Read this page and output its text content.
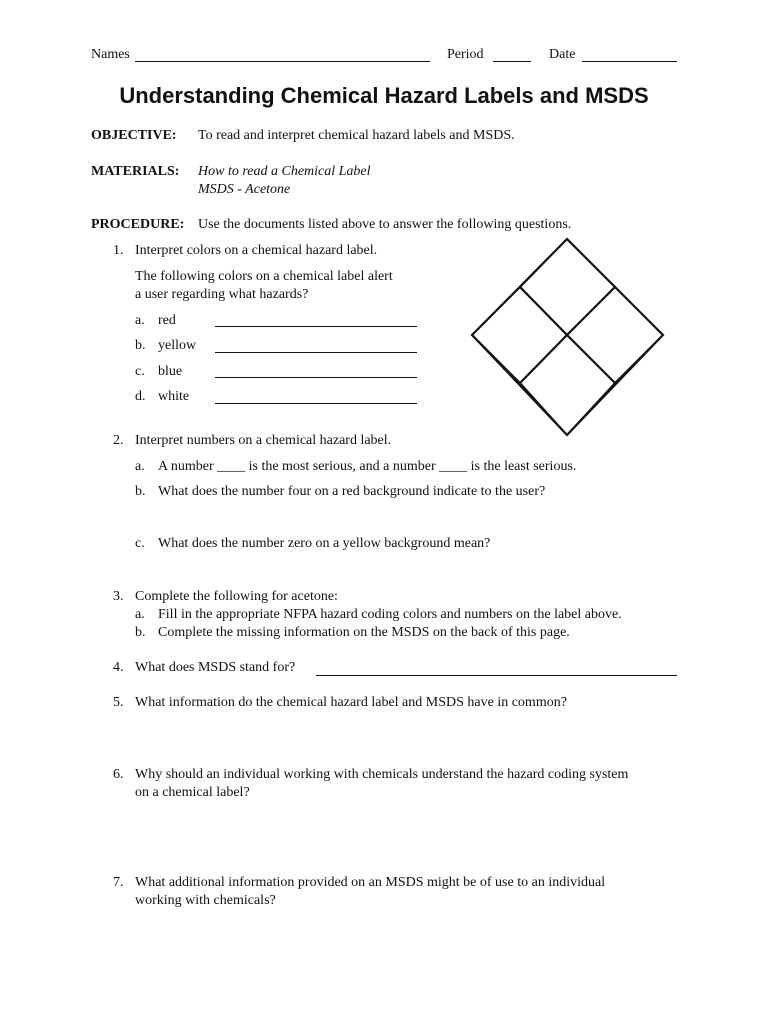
Names	Period	Date
Understanding Chemical Hazard Labels and MSDS
OBJECTIVE: To read and interpret chemical hazard labels and MSDS.
MATERIALS: How to read a Chemical Label
MSDS - Acetone
PROCEDURE: Use the documents listed above to answer the following questions.
1. Interpret colors on a chemical hazard label.
The following colors on a chemical label alert
a user regarding what hazards?
a. red
b. yellow
c. blue
d. white
2. Interpret numbers on a chemical hazard label.
a. A number ____ is the most serious, and a number ____ is the least serious.
b. What does the number four on a red background indicate to the user?
c. What does the number zero on a yellow background mean?
3. Complete the following for acetone:
a. Fill in the appropriate NFPA hazard coding colors and numbers on the label above.
b. Complete the missing information on the MSDS on the back of this page.
4. What does MSDS stand for?
5. What information do the chemical hazard label and MSDS have in common?
6. Why should an individual working with chemicals understand the hazard coding system
on a chemical label?
7. What additional information provided on an MSDS might be of use to an individual
working with chemicals?
